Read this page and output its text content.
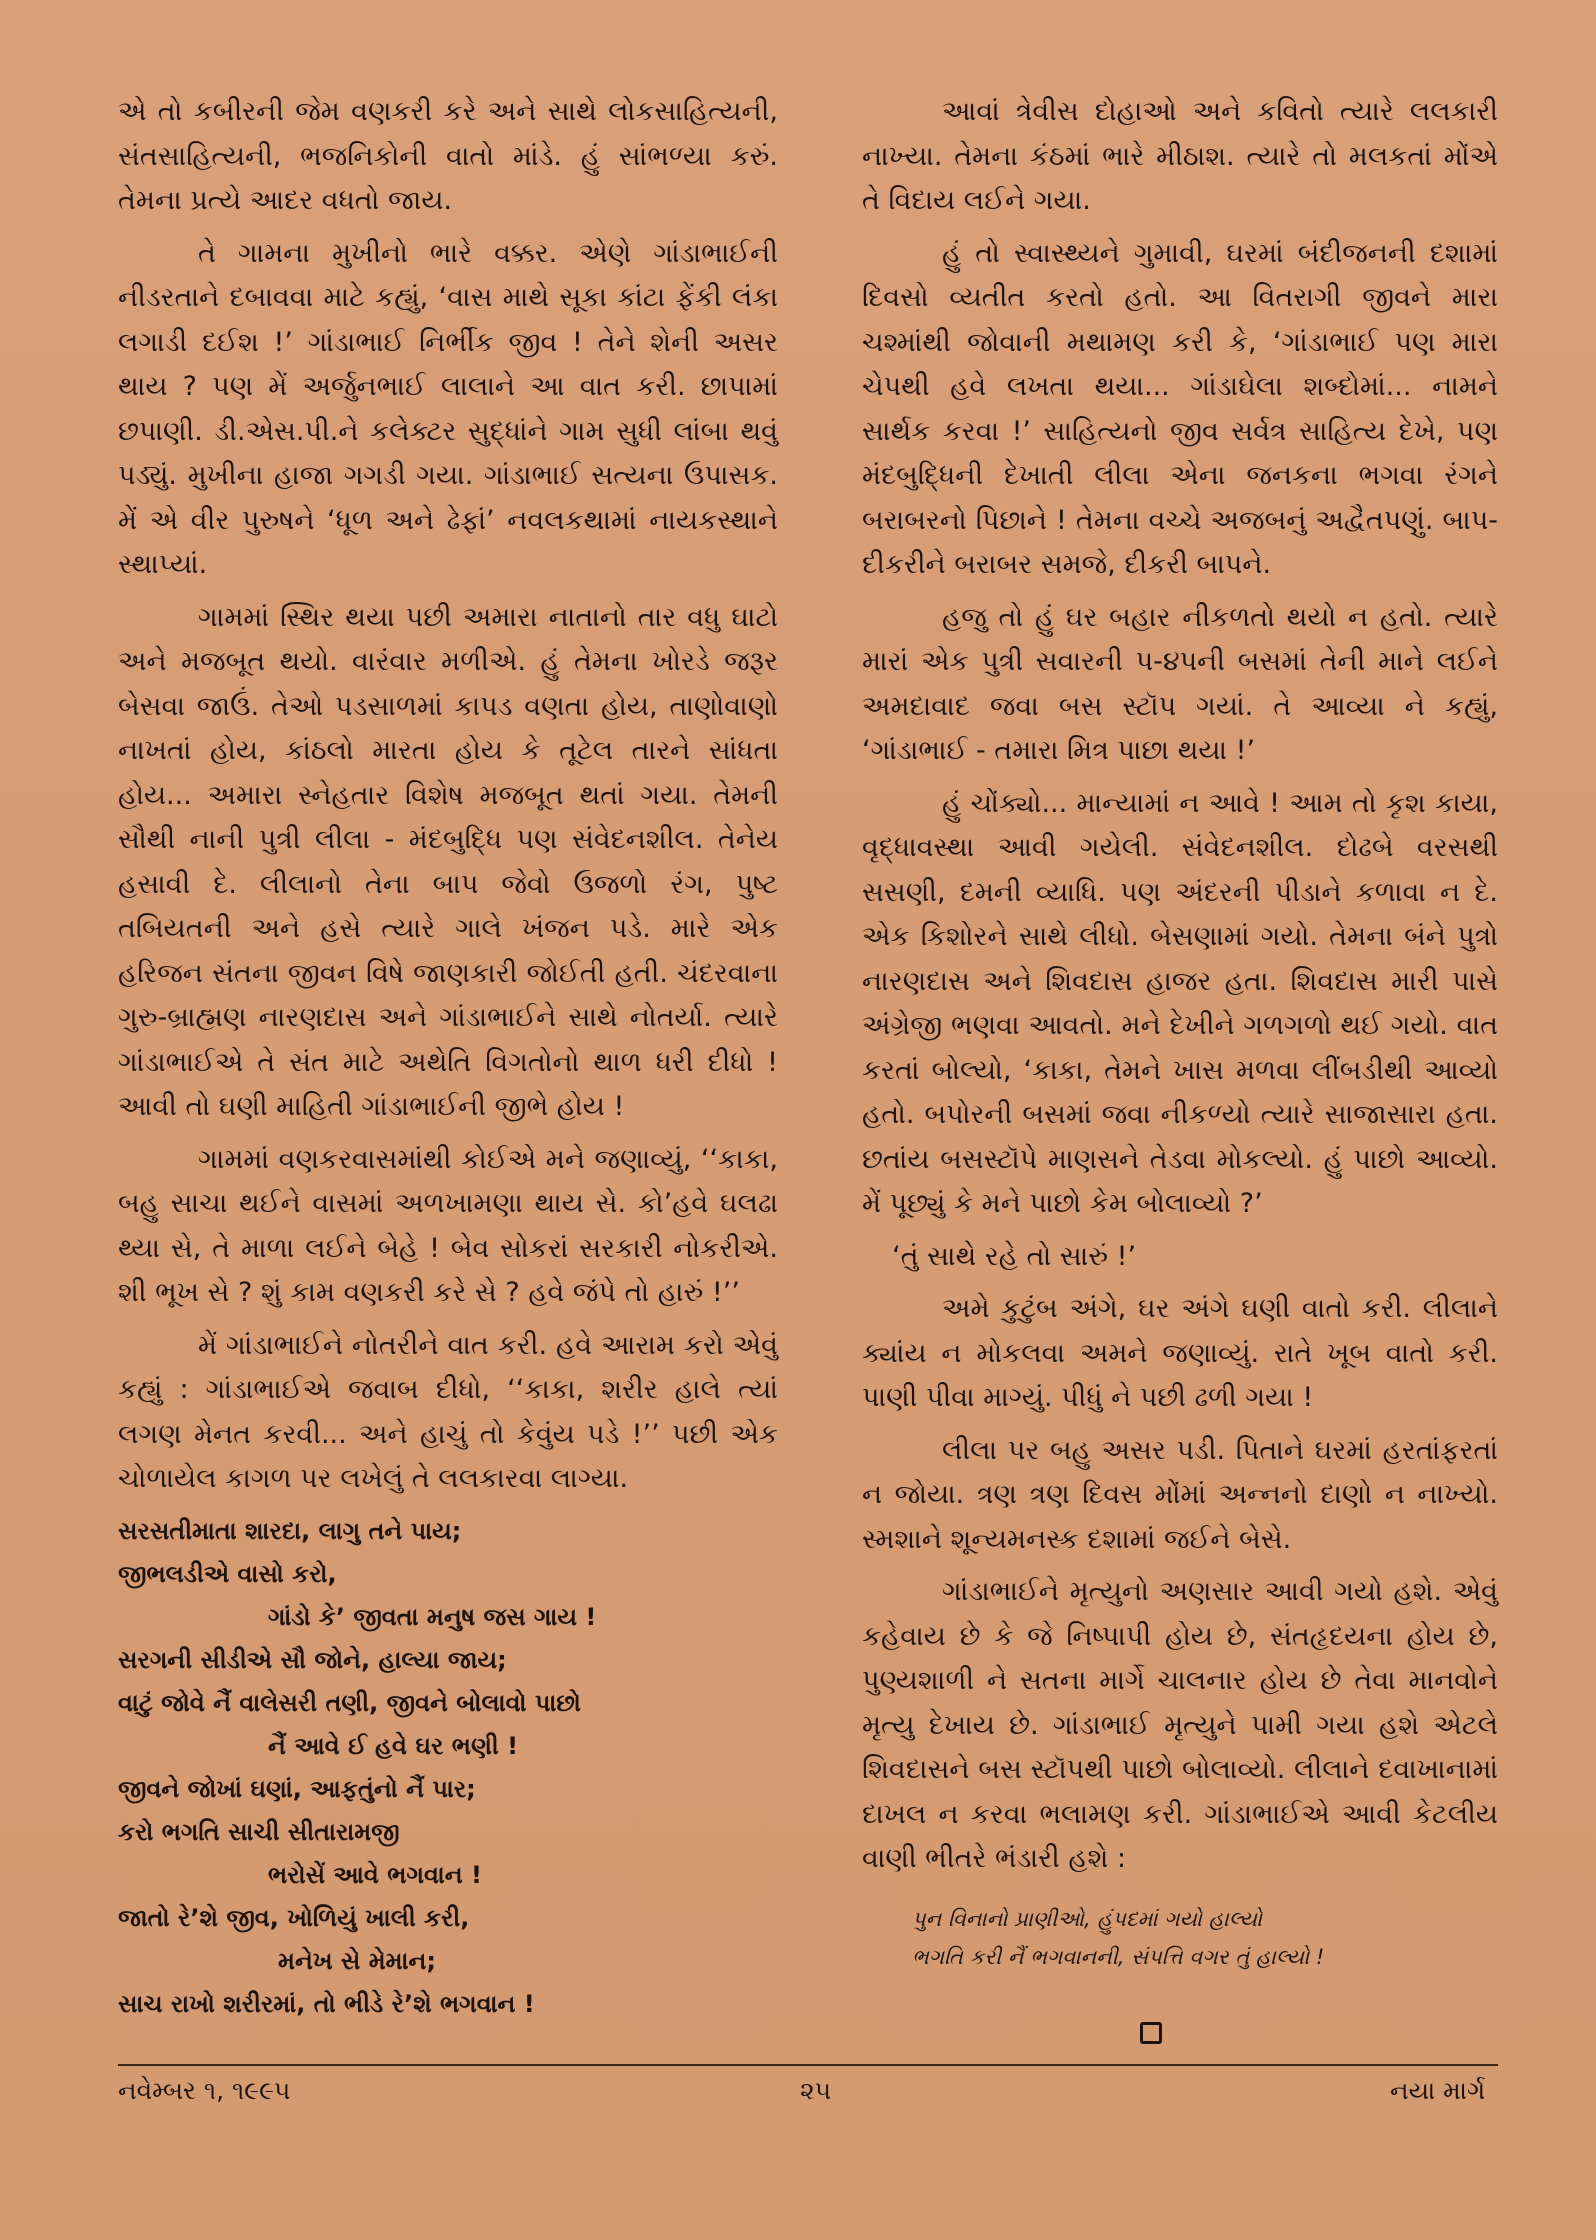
એ તો કબીરની જેમ વણકરી કરે અને સાથે લોકસાહિત્યની, સંતસાહિત્યની, ભજનિકોની વાતો માંડે. હું સાંભળ્યા કરું. તેમના પ્રત્યે આદર વધતો જાય.

તે ગામના મુખીનો ભારે વક્કર. એણે ગાંડાભાઈની નીડરતાને દબાવવા માટે કહ્યું, ‘વાસ માથે સૂકા કાંટા ફેંકી લંકા લગાડી દઈશ !’ ગાંડાભાઈ નિર્ભીક જીવ ! તેને શેની અસર થાય ? પણ મેં અર્જુનભાઈ લાલાને આ વાત કરી. છાપામાં છપાણી. ડી.એસ.પી.ને કલેક્ટર સુદ્ધાંને ગામ સુધી લાંબા થવું પડ્યું. મુખીના હાજા ગગડી ગયા. ગાંડાભાઈ સત્યના ઉપાસક. મેં એ વીર પુરુષને ‘ધૂળ અને ઢેફાં’ નવલકથામાં નાયકસ્થાને સ્થાપ્યાં.

ગામમાં સ્થિર થયા પછી અમારા નાતાનો તાર વધુ ઘાટો અને મજબૂત થયો. વારંવાર મળીએ. હું તેમના ખોરડે જરૂર બેસવા જાઉં. તેઓ પડસાળમાં કાપડ વણતા હોય, તાણોવાણો નાખતાં હોય, કાંઠલો મારતા હોય કે તૂટેલ તારને સાંધતા હોય... અમારા સ્નેહતાર વિશેષ મજબૂત થતાં ગયા. તેમની સૌથી નાની પુત્રી લીલા - મંદબુદ્ધિ પણ સંવેદનશીલ. તેનેય હસાવી દે. લીલાનો તેના બાપ જેવો ઉજળો રંગ, પુષ્ટ તબિયતની અને હસે ત્યારે ગાલે ખંજન પડે. મારે એક હરિજન સંતના જીવન વિષે જાણકારી જોઈતી હતી. ચંદરવાના ગુરુ-બ્રાહ્મણ નારણદાસ અને ગાંડાભાઈને સાથે નોતર્યા. ત્યારે ગાંડાભાઈએ તે સંત માટે અથેતિ વિગતોનો થાળ ધરી દીધો ! આવી તો ઘણી માહિતી ગાંડાભાઈની જીભે હોય !

ગામમાં વણકરવાસમાંથી કોઈએ મને જણાવ્યું, ‘‘કાકા, બહુ સાચા થઈને વાસમાં અળખામણા થાય સે. કો’હવે ઘલઢા થ્યા સે, તે માળા લઈને બેહે ! બેવ સોકરાં સરકારી નોકરીએ. શી ભૂખ સે ? શું કામ વણકરી કરે સે ? હવે જંપે તો હારું !’’

મેં ગાંડાભાઈને નોતરીને વાત કરી. હવે આરામ કરો એવું કહ્યું : ગાંડાભાઈએ જવાબ દીધો, ‘‘કાકા, શરીર હાલે ત્યાં લગણ મેનત કરવી... અને હાચું તો કેવુંય પડે !’’ પછી એક ચોળાયેલ કાગળ પર લખેલું તે લલકારવા લાગ્યા.

સરસતીમાતા શારદા, લાગુ તને પાય;
જીભલડીએ વાસો કરો,
ગાંડો કે’ જીવતા મનુષ જસ ગાય !
સરગની સીડીએ સૌ જોને, હાલ્યા જાય;
વાટું જોવે નૈં વાલેસરી તણી, જીવને બોલાવો પાછો
નૈં આવે ઈ હવે ઘર ભણી !
જીવને જોખાં ઘણાં, આફતુંનો નૈં પાર;
કરો ભગતિ સાચી સીતારામજી
ભરોસેં આવે ભગવાન !
જાતો રે’શે જીવ, ખોળિયું ખાલી કરી,
મનેખ સે મેમાન;
સાચ રાખો શરીરમાં, તો ભીડે રે’શે ભગવાન !

આવાં ત્રેવીસ દોહાઓ અને કવિતો ત્યારે લલકારી નાખ્યા. તેમના કંઠમાં ભારે મીઠાશ. ત્યારે તો મલકતાં મોંએ તે વિદાય લઈને ગયા.

હું તો સ્વાસ્થ્યને ગુમાવી, ઘરમાં બંદીજનની દશામાં દિવસો વ્યતીત કરતો હતો. આ વિતરાગી જીવને મારા ચશ્માંથી જોવાની મથામણ કરી કે, ‘ગાંડાભાઈ પણ મારા ચેપથી હવે લખતા થયા... ગાંડાઘેલા શબ્દોમાં... નામને સાર્થક કરવા !’ સાહિત્યનો જીવ સર્વત્ર સાહિત્ય દેખે, પણ મંદબુદ્ધિની દેખાતી લીલા એના જનકના ભગવા રંગને બરાબરનો પિછાને ! તેમના વચ્ચે અજબનું અદ્વૈતપણું. બાપ-દીકરીને બરાબર સમજે, દીકરી બાપને.

હજુ તો હું ઘર બહાર નીકળતો થયો ન હતો. ત્યારે મારાં એક પુત્રી સવારની પ-૪પની બસમાં તેની માને લઈને અમદાવાદ જવા બસ સ્ટૉપ ગયાં. તે આવ્યા ને કહ્યું, ‘ગાંડાભાઈ - તમારા મિત્ર પાછા થયા !’

હું ચોંક્યો... માન્યામાં ન આવે ! આમ તો કૃશ કાયા, વૃદ્ધાવસ્થા આવી ગયેલી. સંવેદનશીલ. દોઢબે વરસથી સસણી, દમની વ્યાધિ. પણ અંદરની પીડાને કળાવા ન દે. એક કિશોરને સાથે લીધો. બેસણામાં ગયો. તેમના બંને પુત્રો નારણદાસ અને શિવદાસ હાજર હતા. શિવદાસ મારી પાસે અંગ્રેજી ભણવા આવતો. મને દેખીને ગળગળો થઈ ગયો. વાત કરતાં બોલ્યો, ‘કાકા, તેમને ખાસ મળવા લીંબડીથી આવ્યો હતો. બપોરની બસમાં જવા નીકળ્યો ત્યારે સાજાસારા હતા. છતાંય બસસ્ટૉપે માણસને તેડવા મોકલ્યો. હું પાછો આવ્યો. મેં પૂછ્યું કે મને પાછો કેમ બોલાવ્યો ?’

‘તું સાથે રહે તો સારું !’

અમે કુટુંબ અંગે, ઘર અંગે ઘણી વાતો કરી. લીલાને ક્યાંય ન મોકલવા અમને જણાવ્યું. રાતે ખૂબ વાતો કરી. પાણી પીવા માગ્યું. પીધું ને પછી ઢળી ગયા !

લીલા પર બહુ અસર પડી. પિતાને ઘરમાં હરતાંફરતાં ન જોયા. ત્રણ ત્રણ દિવસ મોંમાં અન્નનો દાણો ન નાખ્યો. સ્મશાને શૂન્યમનસ્ક દશામાં જઈને બેસે.

ગાંડાભાઈને મૃત્યુનો અણસાર આવી ગયો હશે. એવું કહેવાય છે કે જે નિષ્પાપી હોય છે, સંતહૃદયના હોય છે, પુણ્યશાળી ને સતના માર્ગે ચાલનાર હોય છે તેવા માનવોને મૃત્યુ દેખાય છે. ગાંડાભાઈ મૃત્યુને પામી ગયા હશે એટલે શિવદાસને બસ સ્ટૉપથી પાછો બોલાવ્યો. લીલાને દવાખાનામાં દાખલ ન કરવા ભલામણ કરી. ગાંડાભાઈએ આવી કેટલીય વાણી ભીતરે ભંડારી હશે :

પુન વિનાનો પ્રાણીઓ, હુંપદમાં ગયો હાલ્યો
ભગતિ કરી નૈં ભગવાનની, સંપત્તિ વગર તું હાલ્યો !
નવેમ્બર ૧, ૧૯૯૫	૨૫	નયા માર્ગ
